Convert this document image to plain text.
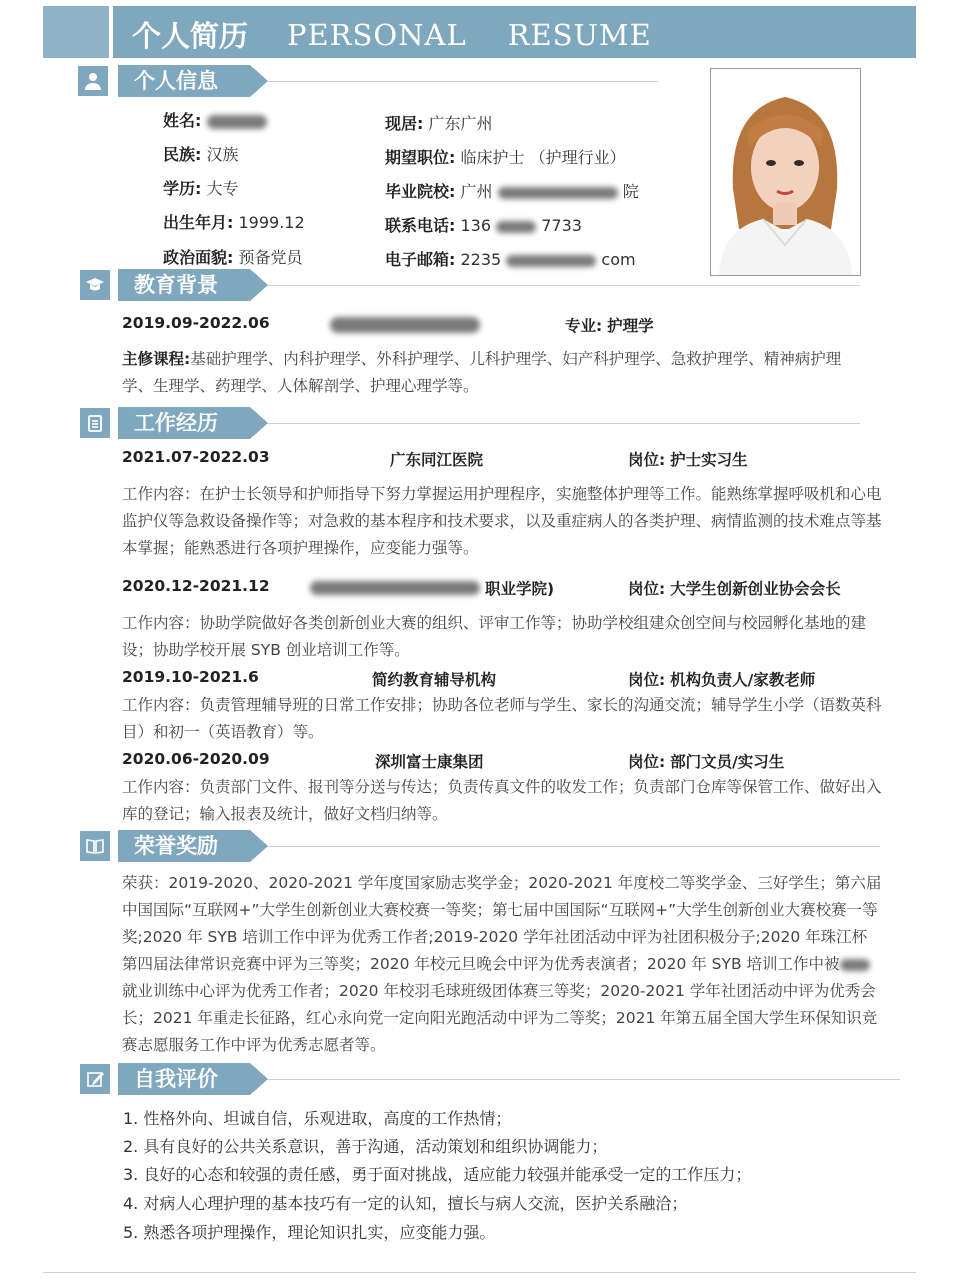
个人简历 PERSONAL    RESUME
个人信息
姓名:
民族: 汉族
学历: 大专
出生年月: 1999.12
政治面貌: 预备党员
现居: 广东广州
期望职位: 临床护士 （护理行业）
毕业院校: 广州	院
联系电话: 136	7733
电子邮箱: 2235	com
教育背景
2019.09-2022.06	专业: 护理学
主修课程:基础护理学、内科护理学、外科护理学、儿科护理学、妇产科护理学、急救护理学、精神病护理学、生理学、药理学、人体解剖学、护理心理学等。
工作经历
2021.07-2022.03	广东同江医院	岗位: 护士实习生
工作内容：在护士长领导和护师指导下努力掌握运用护理程序，实施整体护理等工作。能熟练掌握呼吸机和心电监护仪等急救设备操作等；对急救的基本程序和技术要求，以及重症病人的各类护理、病情监测的技术难点等基本掌握；能熟悉进行各项护理操作，应变能力强等。
2020.12-2021.12	职业学院)	岗位: 大学生创新创业协会会长
工作内容：协助学院做好各类创新创业大赛的组织、评审工作等；协助学校组建众创空间与校园孵化基地的建设；协助学校开展 SYB 创业培训工作等。
2019.10-2021.6	简约教育辅导机构	岗位: 机构负责人/家教老师
工作内容：负责管理辅导班的日常工作安排；协助各位老师与学生、家长的沟通交流；辅导学生小学（语数英科目）和初一（英语教育）等。
2020.06-2020.09	深圳富士康集团	岗位: 部门文员/实习生
工作内容：负责部门文件、报刊等分送与传达；负责传真文件的收发工作；负责部门仓库等保管工作、做好出入库的登记；输入报表及统计，做好文档归纳等。
荣誉奖励
荣获：2019-2020、2020-2021 学年度国家励志奖学金；2020-2021 年度校二等奖学金、三好学生；第六届中国国际“互联网+”大学生创新创业大赛校赛一等奖；第七届中国国际“互联网+”大学生创新创业大赛校赛一等奖;2020 年 SYB 培训工作中评为优秀工作者;2019-2020 学年社团活动中评为社团积极分子;2020 年珠江杯第四届法律常识竞赛中评为三等奖；2020 年校元旦晚会中评为优秀表演者；2020 年 SYB 培训工作中被就业训练中心评为优秀工作者；2020 年校羽毛球班级团体赛三等奖；2020-2021 学年社团活动中评为优秀会长；2021 年重走长征路，红心永向党一定向阳光跑活动中评为二等奖；2021 年第五届全国大学生环保知识竞赛志愿服务工作中评为优秀志愿者等。
自我评价
1. 性格外向、坦诚自信，乐观进取，高度的工作热情；
2. 具有良好的公共关系意识，善于沟通，活动策划和组织协调能力；
3. 良好的心态和较强的责任感，勇于面对挑战，适应能力较强并能承受一定的工作压力；
4. 对病人心理护理的基本技巧有一定的认知，擅长与病人交流，医护关系融洽；
5. 熟悉各项护理操作，理论知识扎实，应变能力强。
